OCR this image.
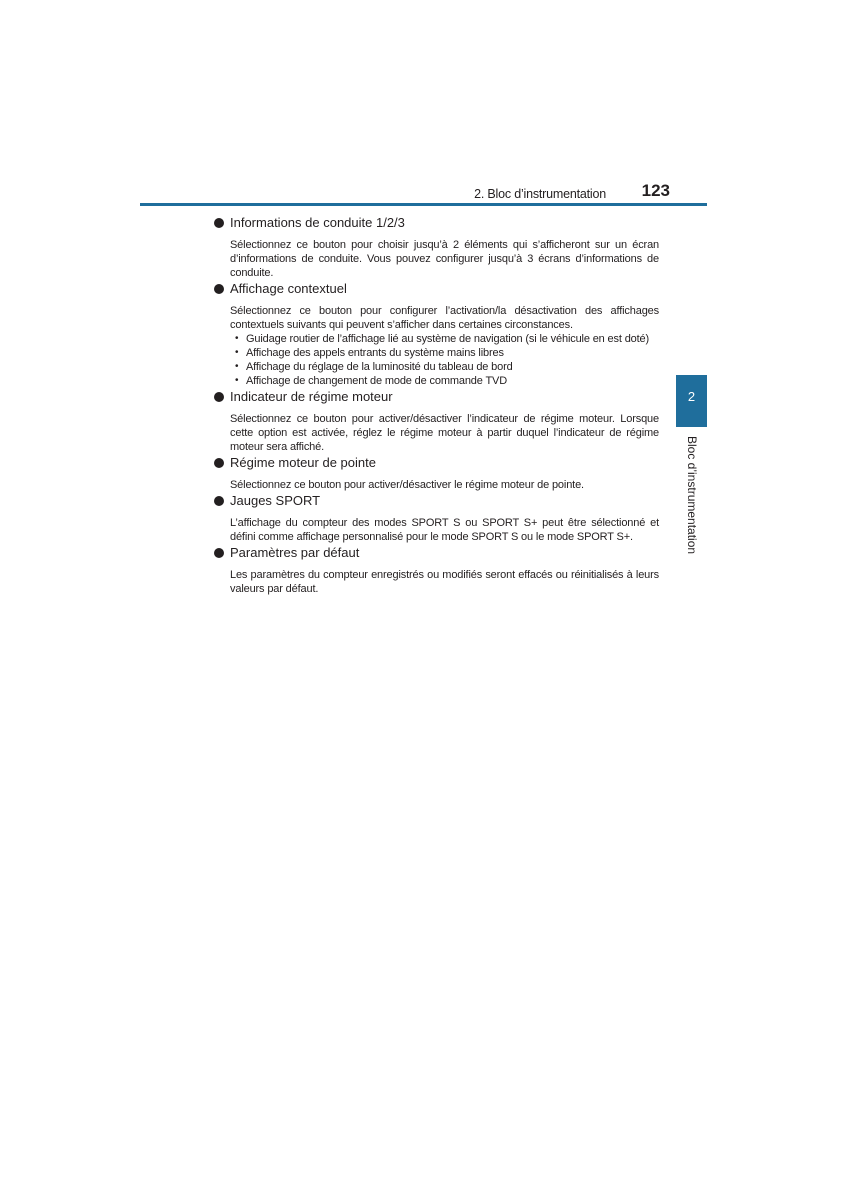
2. Bloc d’instrumentation 123
2
Bloc d’instrumentation
Informations de conduite 1/2/3
Sélectionnez ce bouton pour choisir jusqu’à 2 éléments qui s’afficheront sur un écran d’informations de conduite. Vous pouvez configurer jusqu’à 3 écrans d’informations de conduite.
Affichage contextuel
Sélectionnez ce bouton pour configurer l’activation/la désactivation des affichages contextuels suivants qui peuvent s’afficher dans certaines circonstances.
• Guidage routier de l’affichage lié au système de navigation (si le véhicule en est doté)
• Affichage des appels entrants du système mains libres
• Affichage du réglage de la luminosité du tableau de bord
• Affichage de changement de mode de commande TVD
Indicateur de régime moteur
Sélectionnez ce bouton pour activer/désactiver l’indicateur de régime moteur. Lorsque cette option est activée, réglez le régime moteur à partir duquel l’indicateur de régime moteur sera affiché.
Régime moteur de pointe
Sélectionnez ce bouton pour activer/désactiver le régime moteur de pointe.
Jauges SPORT
L’affichage du compteur des modes SPORT S ou SPORT S+ peut être sélectionné et défini comme affichage personnalisé pour le mode SPORT S ou le mode SPORT S+.
Paramètres par défaut
Les paramètres du compteur enregistrés ou modifiés seront effacés ou réinitialisés à leurs valeurs par défaut.
